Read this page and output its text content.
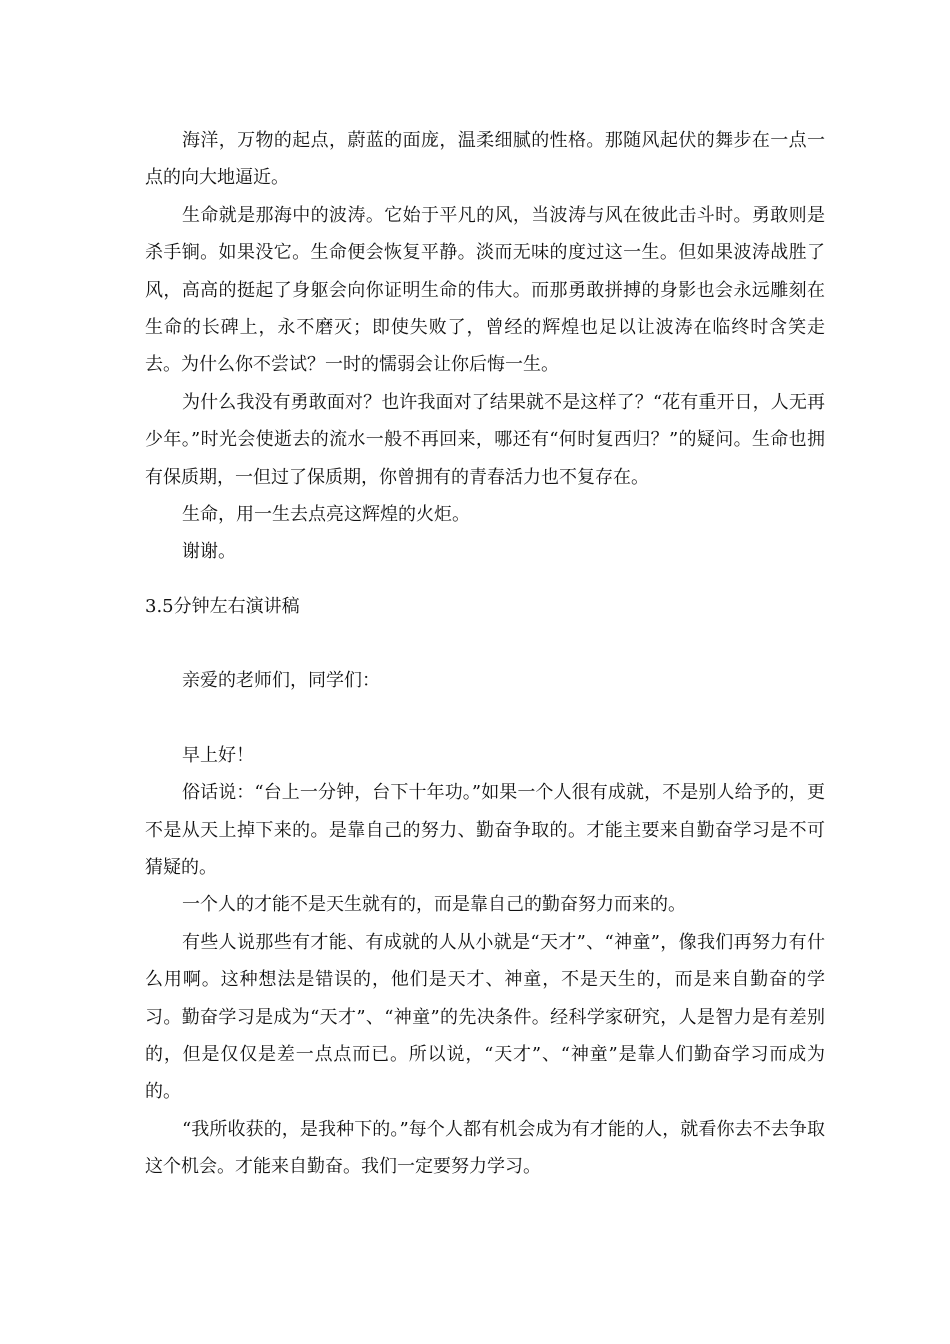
海洋，万物的起点，蔚蓝的面庞，温柔细腻的性格。那随风起伏的舞步在一点一点的向大地逼近。

生命就是那海中的波涛。它始于平凡的风，当波涛与风在彼此击斗时。勇敢则是杀手锏。如果没它。生命便会恢复平静。淡而无味的度过这一生。但如果波涛战胜了风，高高的挺起了身躯会向你证明生命的伟大。而那勇敢拼搏的身影也会永远雕刻在生命的长碑上，永不磨灭；即使失败了，曾经的辉煌也足以让波涛在临终时含笑走去。为什么你不尝试？一时的懦弱会让你后悔一生。

为什么我没有勇敢面对？也许我面对了结果就不是这样了？“花有重开日，人无再少年。”时光会使逝去的流水一般不再回来，哪还有“何时复西归？”的疑问。生命也拥有保质期，一但过了保质期，你曾拥有的青春活力也不复存在。

生命，用一生去点亮这辉煌的火炬。

谢谢。

3.5分钟左右演讲稿

亲爱的老师们，同学们：

早上好！

俗话说：“台上一分钟，台下十年功。”如果一个人很有成就，不是别人给予的，更不是从天上掉下来的。是靠自己的努力、勤奋争取的。才能主要来自勤奋学习是不可猜疑的。

一个人的才能不是天生就有的，而是靠自己的勤奋努力而来的。

有些人说那些有才能、有成就的人从小就是“天才”、“神童”，像我们再努力有什么用啊。这种想法是错误的，他们是天才、神童，不是天生的，而是来自勤奋的学习。勤奋学习是成为“天才”、“神童”的先决条件。经科学家研究，人是智力是有差别的，但是仅仅是差一点点而已。所以说，“天才”、“神童”是靠人们勤奋学习而成为的。

“我所收获的，是我种下的。”每个人都有机会成为有才能的人，就看你去不去争取这个机会。才能来自勤奋。我们一定要努力学习。
